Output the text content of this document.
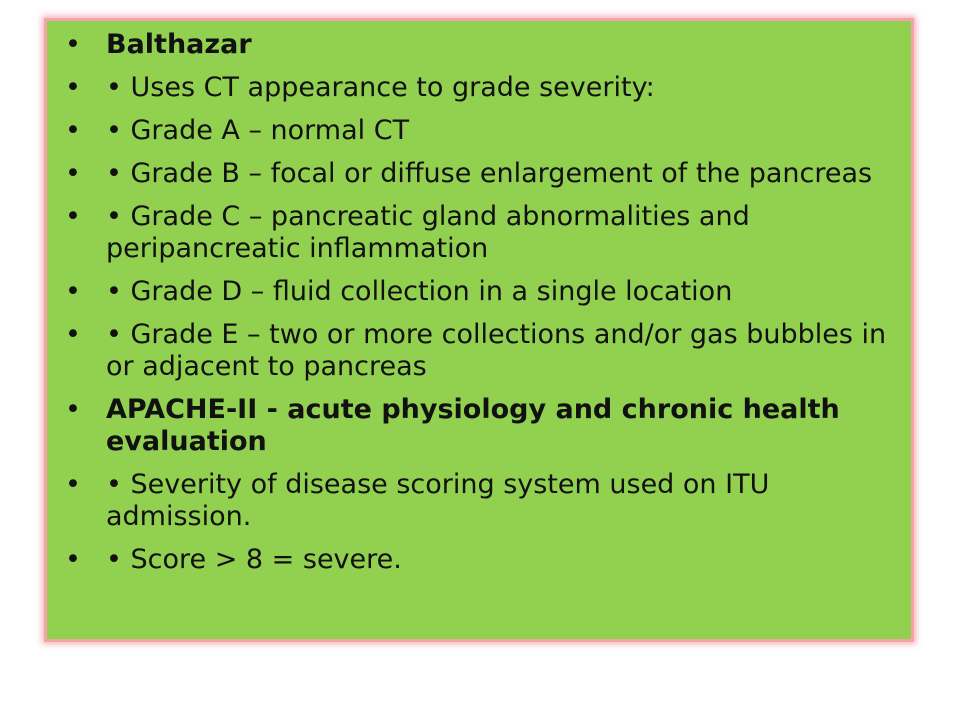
• Balthazar
• • Uses CT appearance to grade severity:
• • Grade A – normal CT
• • Grade B – focal or diffuse enlargement of the pancreas
• • Grade C – pancreatic gland abnormalities and peripancreatic inflammation
• • Grade D – fluid collection in a single location
• • Grade E – two or more collections and/or gas bubbles in or adjacent to pancreas
• APACHE-II - acute physiology and chronic health evaluation
• • Severity of disease scoring system used on ITU admission.
• • Score > 8 = severe.
